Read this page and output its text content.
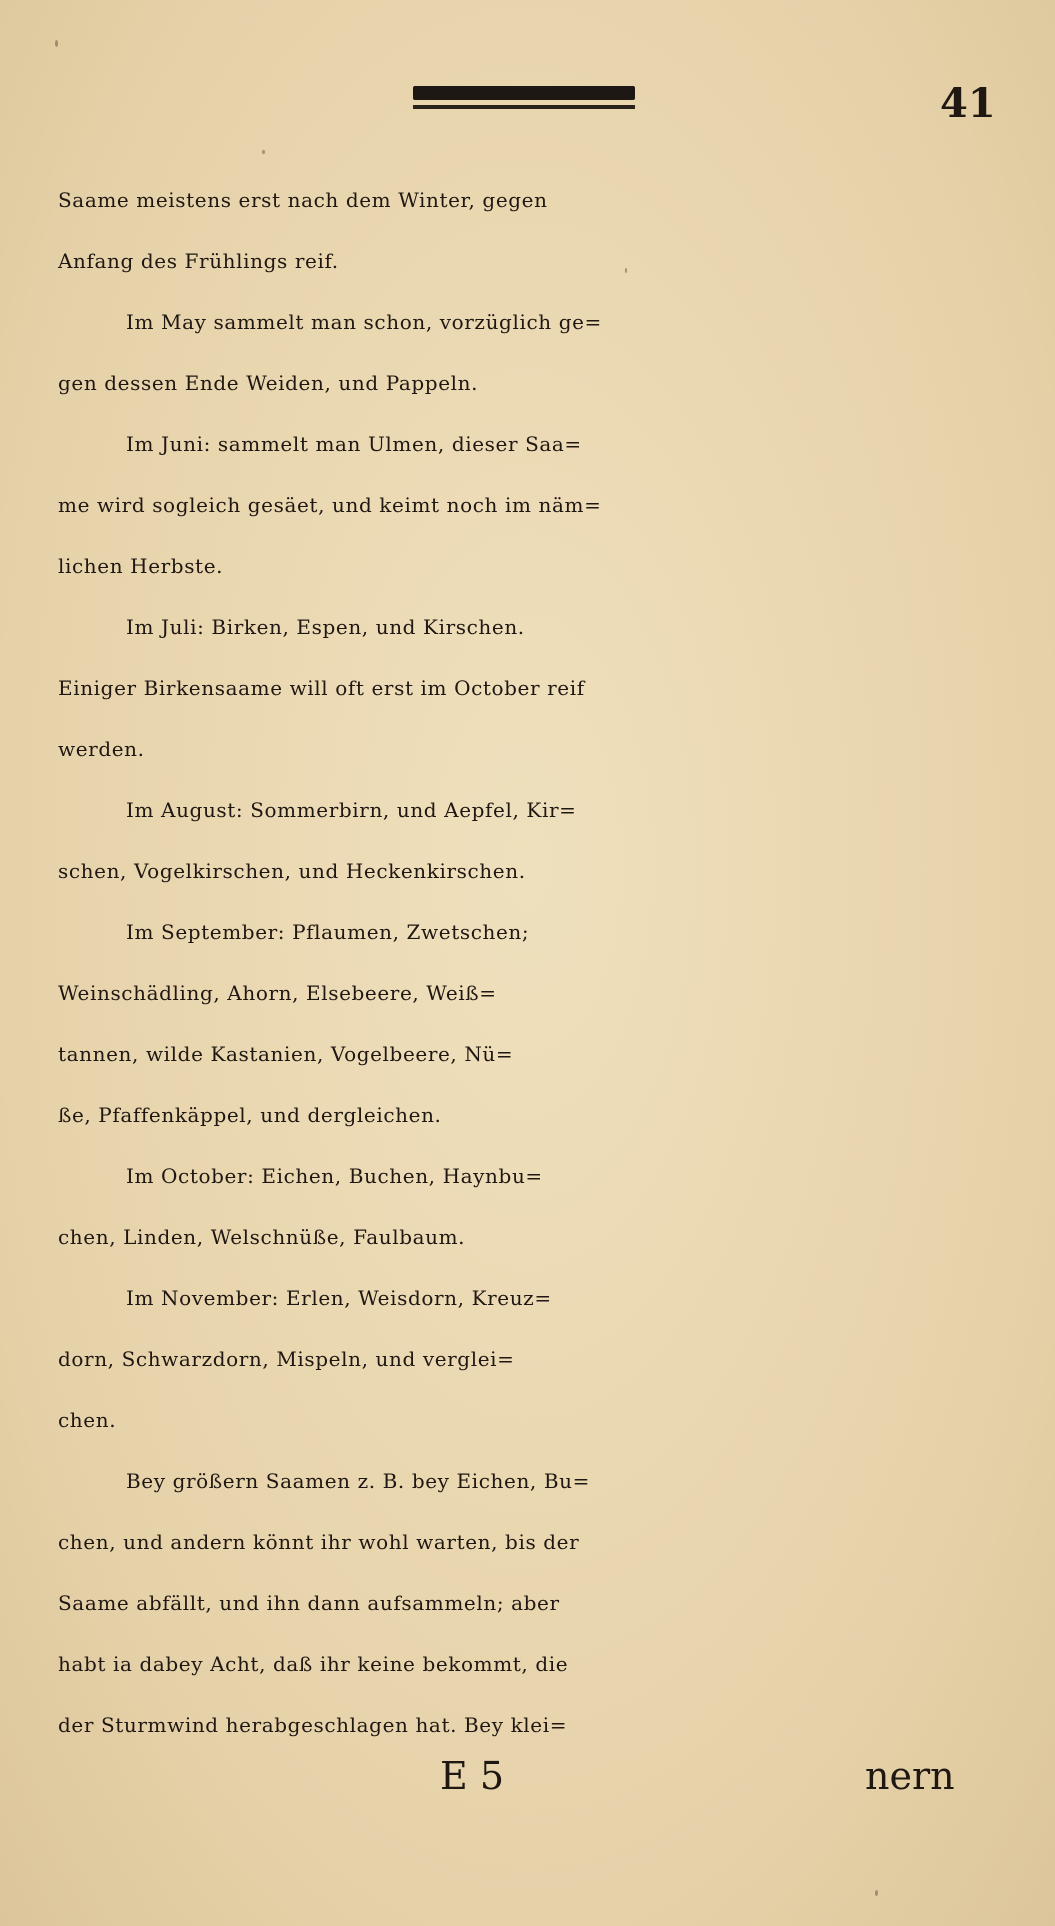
41
Saame meistens erst nach dem Winter, gegen
Anfang des Frühlings reif.
Im May sammelt man schon, vorzüglich ge=
gen dessen Ende Weiden, und Pappeln.
Im Juni: sammelt man Ulmen, dieser Saa=
me wird sogleich gesäet, und keimt noch im näm=
lichen Herbste.
Im Juli: Birken, Espen, und Kirschen.
Einiger Birkensaame will oft erst im October reif
werden.
Im August: Sommerbirn, und Aepfel, Kir=
schen, Vogelkirschen, und Heckenkirschen.
Im September: Pflaumen, Zwetschen;
Weinschädling, Ahorn, Elsebeere, Weiß=
tannen, wilde Kastanien, Vogelbeere, Nü=
ße, Pfaffenkäppel, und dergleichen.
Im October: Eichen, Buchen, Haynbu=
chen, Linden, Welschnüße, Faulbaum.
Im November: Erlen, Weisdorn, Kreuz=
dorn, Schwarzdorn, Mispeln, und verglei=
chen.
Bey größern Saamen z. B. bey Eichen, Bu=
chen, und andern könnt ihr wohl warten, bis der
Saame abfällt, und ihn dann aufsammeln; aber
habt ia dabey Acht, daß ihr keine bekommt, die
der Sturmwind herabgeschlagen hat. Bey klei=
E 5	nern
